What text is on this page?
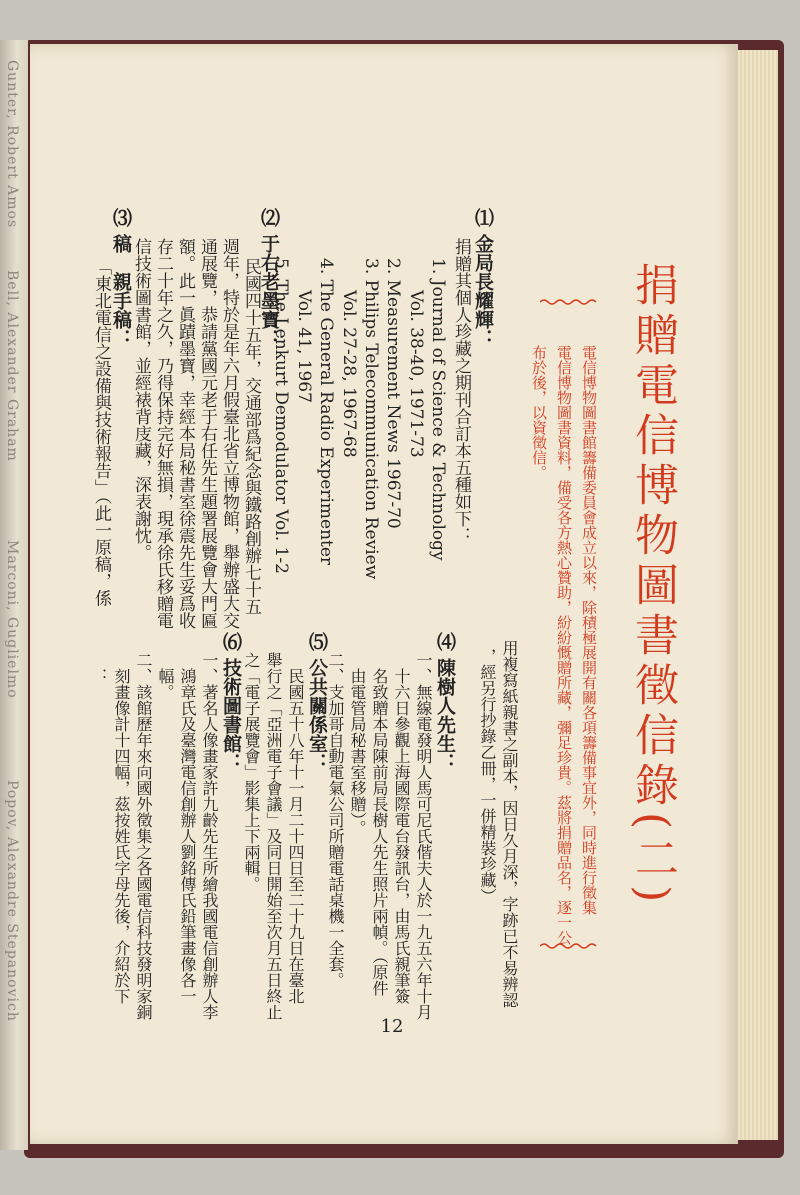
Gunter, Robert Amos
Bell, Alexander Graham
Marconi, Guglielmo
Popov, Alexandre Stepanovich	捐贈電信博物圖書徵信錄(二)
電信博物圖書館籌備委員會成立以來，除積極展開有關各項籌備事宜外，同時進行徵集
電信博物圖書資料，備受各方熱心贊助，紛紛慨贈所藏，彌足珍貴。茲將捐贈品名，逐一公
布於後，以資徵信。
⑴ 金局長耀輝：
捐贈其個人珍藏之期刊合訂本五種如下：
1. Journal of Science & Technology
Vol. 38-40, 1971-73
2. Measurement News 1967-70
3. Philips Telecommunication Review
Vol. 27-28, 1967-68
4. The General Radio Experimenter
Vol. 41, 1967
5. The Lenkurt Demodulator Vol. 1-2
⑵ 于右老墨寶：
民國四十五年，交通部爲紀念與鐵路創辦七十五
週年，特於是年六月假臺北省立博物館，舉辦盛大交
通展覽，恭請黨國元老于右任先生題署展覽會大門匾
額。此一眞蹟墨寶，幸經本局秘書室徐震先生妥爲收
存二十年之久，乃得保持完好無損，現承徐氏移贈電
信技術圖書館，並經裱背庋藏，深表謝忱。
⑶ 稿　親手稿：
「東北電信之設備與技術報告」（此一原稿，係
用複寫紙親書之副本，因日久月深，字跡已不易辨認
，經另行抄錄乙冊，一併精裝珍藏）
⑷ 陳樹人先生：
一、無線電發明人馬可尼氏偕夫人於一九五六年十月
十六日參觀上海國際電台發訊台，由馬氏親筆簽
名致贈本局陳前局長樹人先生照片兩幀。（原件
由電管局秘書室移贈）。
二、支加哥自動電氣公司所贈電話桌機一全套。
⑸ 公共關係室：
民國五十八年十一月二十四日至二十九日在臺北
舉行之「亞洲電子會議」及同日開始至次月五日終止
之「電子展覽會」影集上下兩輯。
⑹ 技術圖書館：
一、著名人像畫家許九齡先生所繪我國電信創辦人李
鴻章氏及臺灣電信創辦人劉銘傳氏鉛筆畫像各一
幅。
二、該館歷年來向國外徵集之各國電信科技發明家銅
刻畫像計十四幅，茲按姓氏字母先後，介紹於下
：
12
